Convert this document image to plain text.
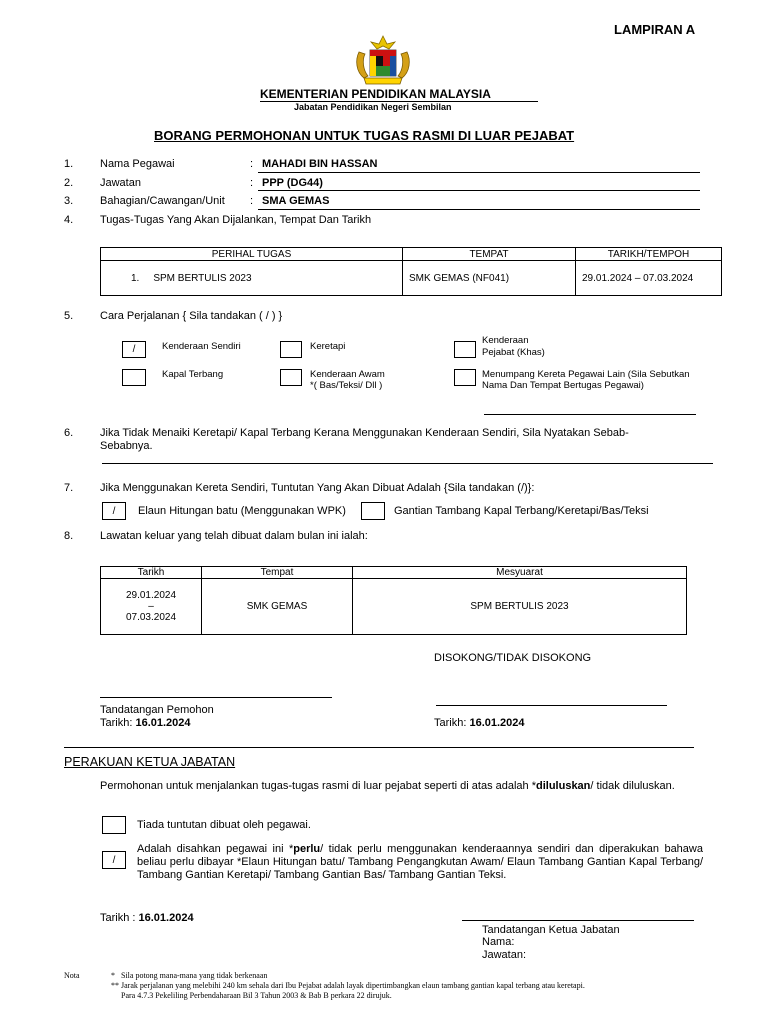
LAMPIRAN A
KEMENTERIAN PENDIDIKAN MALAYSIA
Jabatan Pendidikan Negeri Sembilan
BORANG PERMOHONAN UNTUK TUGAS RASMI DI LUAR PEJABAT
1. Nama Pegawai	: MAHADI BIN HASSAN
2. Jawatan	: PPP (DG44)
3. Bahagian/Cawangan/Unit : SMA GEMAS
4. Tugas-Tugas Yang Akan Dijalankan, Tempat Dan Tarikh
PERIHAL TUGAS	TEMPAT	TARIKH/TEMPOH
1. SPM BERTULIS 2023	SMK GEMAS (NF041)	29.01.2024 – 07.03.2024
5. Cara Perjalanan { Sila tandakan ( / ) }
/	Kenderaan Sendiri	Keretapi
Kenderaan
Pejabat (Khas)
Kapal Terbang	Kenderaan Awam
*( Bas/Teksi/ Dll )
Menumpang Kereta Pegawai Lain (Sila Sebutkan
Nama Dan Tempat Bertugas Pegawai)
6. Jika Tidak Menaiki Keretapi/ Kapal Terbang Kerana Menggunakan Kenderaan Sendiri, Sila Nyatakan Sebab-
Sebabnya.
7. Jika Menggunakan Kereta Sendiri, Tuntutan Yang Akan Dibuat Adalah {Sila tandakan (/)}:
/	Elaun Hitungan batu (Menggunakan WPK)	Gantian Tambang Kapal Terbang/Keretapi/Bas/Teksi
8. Lawatan keluar yang telah dibuat dalam bulan ini ialah:
Tarikh	Tempat	Mesyuarat

29.01.2024
–
07.03.2024	SMK GEMAS	SPM BERTULIS 2023
DISOKONG/TIDAK DISOKONG
Tandatangan Pemohon
Tarikh: 16.01.2024	Tarikh: 16.01.2024
PERAKUAN KETUA JABATAN
Permohonan untuk menjalankan tugas-tugas rasmi di luar pejabat seperti di atas adalah *diluluskan/ tidak diluluskan.
Tiada tuntutan dibuat oleh pegawai.
/
Adalah disahkan pegawai ini *perlu/ tidak perlu menggunakan kenderaannya sendiri dan diperakukan bahawa beliau perlu dibayar *Elaun Hitungan batu/ Tambang Pengangkutan Awam/ Elaun Tambang Gantian Kapal Terbang/ Tambang Gantian Keretapi/ Tambang Gantian Bas/ Tambang Gantian Teksi.
Tarikh : 16.01.2024
Tandatangan Ketua Jabatan
Nama:
Jawatan:
Nota	* Sila potong mana-mana yang tidak berkenaan
** Jarak perjalanan yang melebihi 240 km sehala dari Ibu Pejabat adalah layak dipertimbangkan elaun tambang gantian kapal terbang atau keretapi.
Para 4.7.3 Pekeliling Perbendaharaan Bil 3 Tahun 2003 & Bab B perkara 22 dirujuk.
